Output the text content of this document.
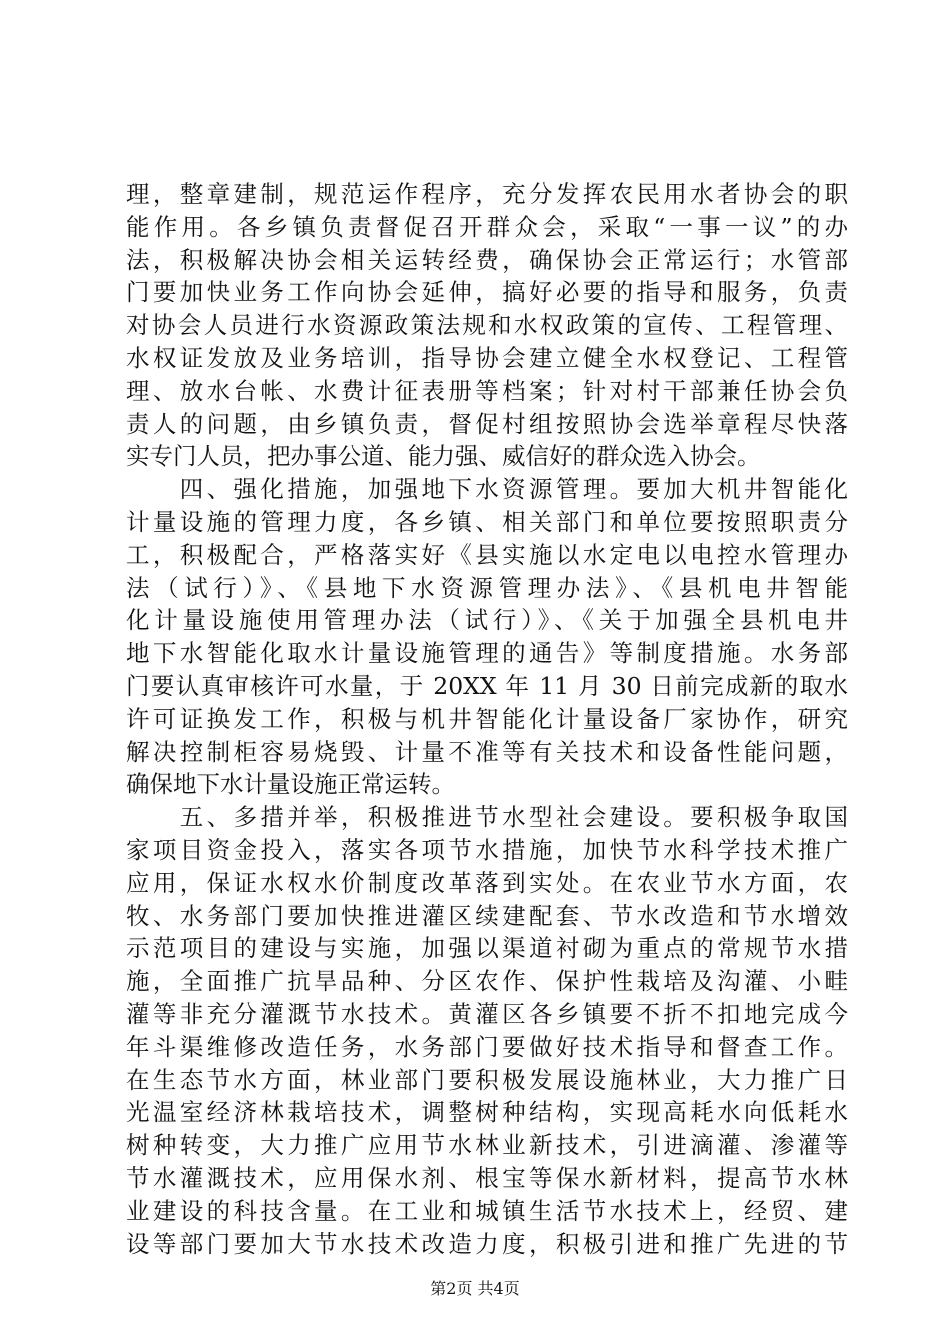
理，整章建制，规范运作程序，充分发挥农民用水者协会的职
能作用。各乡镇负责督促召开群众会，采取“一事一议”的办
法，积极解决协会相关运转经费，确保协会正常运行；水管部
门要加快业务工作向协会延伸，搞好必要的指导和服务，负责
对协会人员进行水资源政策法规和水权政策的宣传、工程管理、
水权证发放及业务培训，指导协会建立健全水权登记、工程管
理、放水台帐、水费计征表册等档案；针对村干部兼任协会负
责人的问题，由乡镇负责，督促村组按照协会选举章程尽快落
实专门人员，把办事公道、能力强、威信好的群众选入协会。
　　四、强化措施，加强地下水资源管理。要加大机井智能化
计量设施的管理力度，各乡镇、相关部门和单位要按照职责分
工，积极配合，严格落实好《县实施以水定电以电控水管理办
法（试行）》、《县地下水资源管理办法》、《县机电井智能
化计量设施使用管理办法（试行）》、《关于加强全县机电井
地下水智能化取水计量设施管理的通告》等制度措施。水务部
门要认真审核许可水量，于 20XX 年 11 月 30 日前完成新的取水
许可证换发工作，积极与机井智能化计量设备厂家协作，研究
解决控制柜容易烧毁、计量不准等有关技术和设备性能问题，
确保地下水计量设施正常运转。
　　五、多措并举，积极推进节水型社会建设。要积极争取国
家项目资金投入，落实各项节水措施，加快节水科学技术推广
应用，保证水权水价制度改革落到实处。在农业节水方面，农
牧、水务部门要加快推进灌区续建配套、节水改造和节水增效
示范项目的建设与实施，加强以渠道衬砌为重点的常规节水措
施，全面推广抗旱品种、分区农作、保护性栽培及沟灌、小畦
灌等非充分灌溉节水技术。黄灌区各乡镇要不折不扣地完成今
年斗渠维修改造任务，水务部门要做好技术指导和督查工作。
在生态节水方面，林业部门要积极发展设施林业，大力推广日
光温室经济林栽培技术，调整树种结构，实现高耗水向低耗水
树种转变，大力推广应用节水林业新技术，引进滴灌、渗灌等
节水灌溉技术，应用保水剂、根宝等保水新材料，提高节水林
业建设的科技含量。在工业和城镇生活节水技术上，经贸、建
设等部门要加大节水技术改造力度，积极引进和推广先进的节
第2页 共4页
